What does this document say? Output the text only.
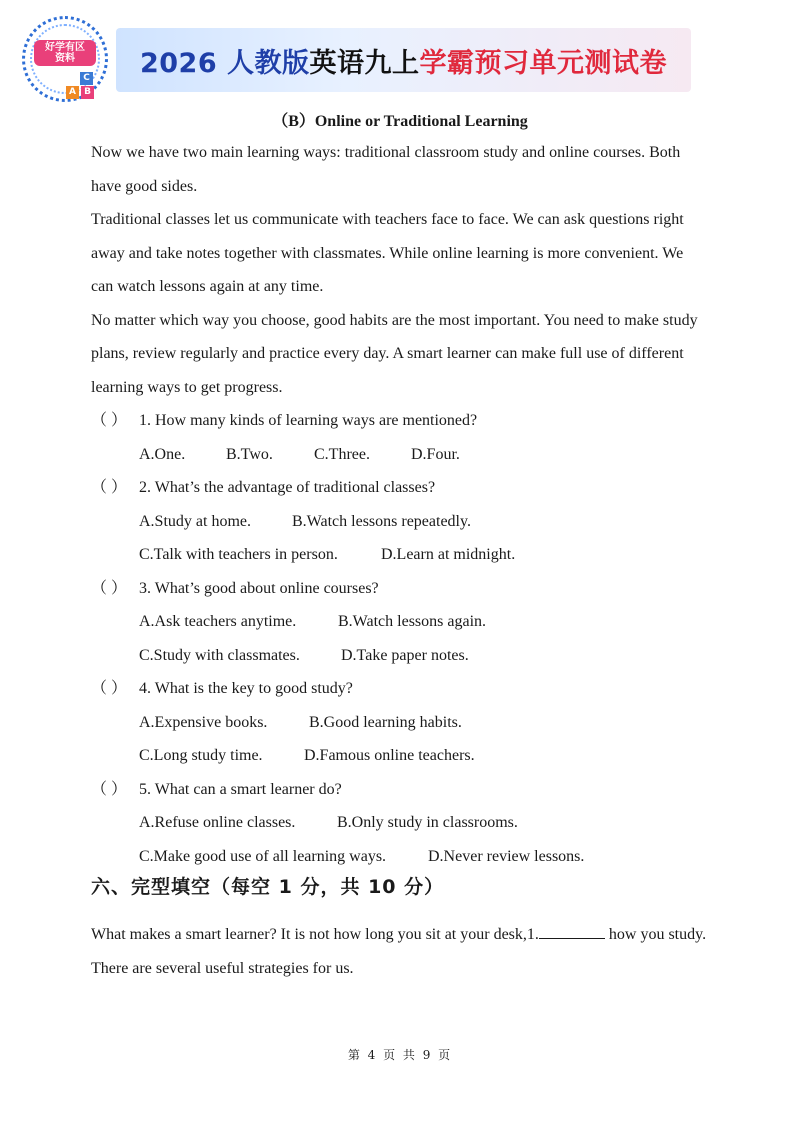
好学有区
资料
C
A B
2026 人教版 英语九上 学霸预习单元测试卷
（B）Online or Traditional Learning

Now we have two main learning ways: traditional classroom study and online courses. Both
have good sides.

Traditional classes let us communicate with teachers face to face. We can ask questions right
away and take notes together with classmates. While online learning is more convenient. We
can watch lessons again at any time.

No matter which way you choose, good habits are the most important. You need to make study
plans, review regularly and practice every day. A smart learner can make full use of different
learning ways to get progress.

（ ） 1. How many kinds of learning ways are mentioned?
A.One.	B.Two.	C.Three.	D.Four.
（ ） 2. What’s the advantage of traditional classes?
A.Study at home.	B.Watch lessons repeatedly.
C.Talk with teachers in person.	D.Learn at midnight.
（ ） 3. What’s good about online courses?
A.Ask teachers anytime.	B.Watch lessons again.
C.Study with classmates.	D.Take paper notes.
（ ） 4. What is the key to good study?
A.Expensive books.	B.Good learning habits.
C.Long study time.	D.Famous online teachers.
（ ） 5. What can a smart learner do?
A.Refuse online classes.	B.Only study in classrooms.
C.Make good use of all learning ways.	D.Never review lessons.
六、完型填空（每空 1 分，共 10 分）
What makes a smart learner? It is not how long you sit at your desk,1.	how you study.
There are several useful strategies for us.
第 4 页 共 9 页
